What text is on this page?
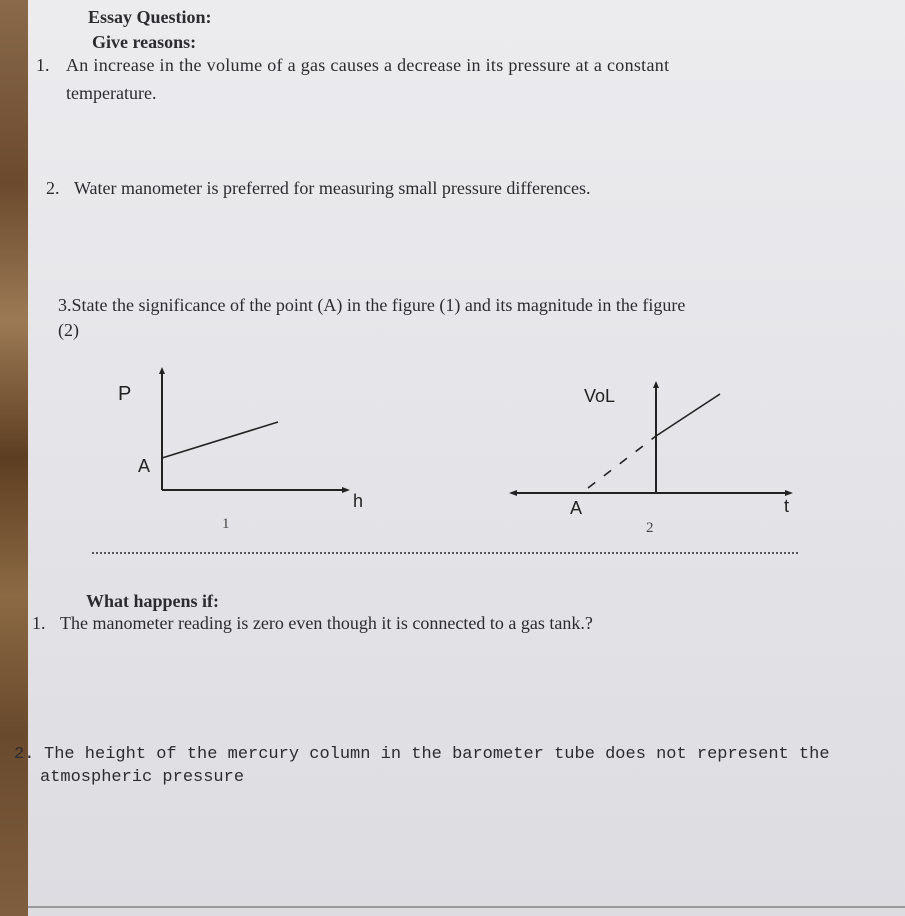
Essay Question:

Give reasons:

1. An increase in the volume of a gas causes a decrease in its pressure at a constant

temperature.

2. Water manometer is preferred for measuring small pressure differences.

3.State the significance of the point (A) in the figure (1) and its magnitude in the figure

(2)

P
A
h
1
VoL
A	t
2

What happens if:

1. The manometer reading is zero even though it is connected to a gas tank.?

2. The height of the mercury column in the barometer tube does not represent the

atmospheric pressure
